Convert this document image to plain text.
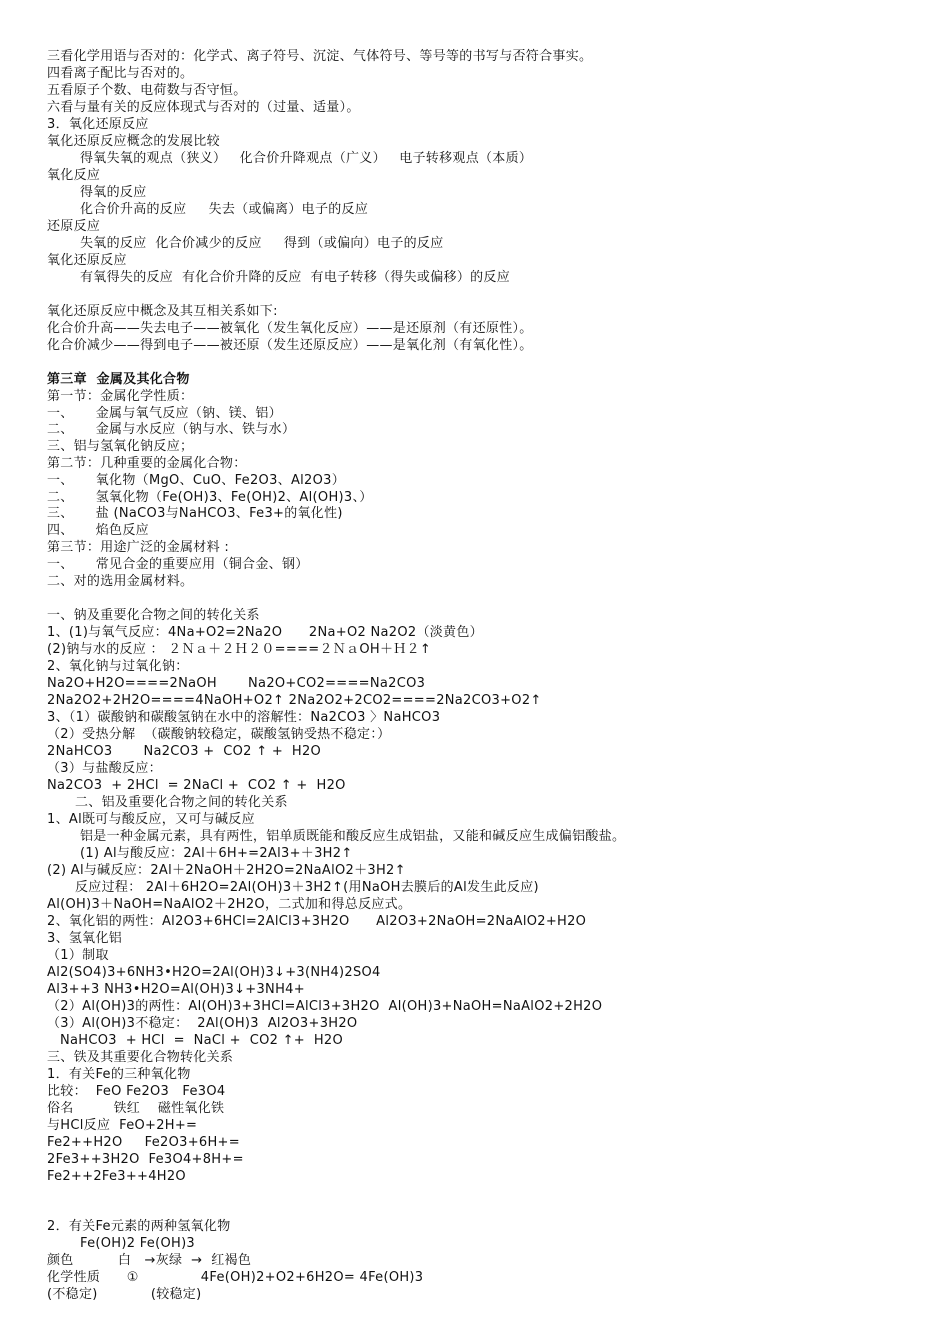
三看化学用语与否对的：化学式、离子符号、沉淀、气体符号、等号等的书写与否符合事实。
四看离子配比与否对的。
五看原子个数、电荷数与否守恒。
六看与量有关的反应体现式与否对的（过量、适量）。
3．氧化还原反应
氧化还原反应概念的发展比较
得氧失氧的观点（狭义）   化合价升降观点（广义）   电子转移观点（本质）
氧化反应
得氧的反应
化合价升高的反应     失去（或偏离）电子的反应
还原反应
失氧的反应  化合价减少的反应     得到（或偏向）电子的反应
氧化还原反应
有氧得失的反应  有化合价升降的反应  有电子转移（得失或偏移）的反应
氧化还原反应中概念及其互相关系如下:
化合价升高——失去电子——被氧化（发生氧化反应）——是还原剂（有还原性）。
化合价减少——得到电子——被还原（发生还原反应）——是氧化剂（有氧化性）。
第三章  金属及其化合物
第一节：金属化学性质：
一、     金属与氧气反应（钠、镁、铝）
二、     金属与水反应（钠与水、铁与水）
三、铝与氢氧化钠反应；
第二节：几种重要的金属化合物：
一、     氧化物（MgO、CuO、Fe2O3、Al2O3）
二、     氢氧化物（Fe(OH)3、Fe(OH)2、Al(OH)3、）
三、     盐 (NaCO3与NaHCO3、Fe3+的氧化性)
四、     焰色反应
第三节：用途广泛的金属材料 :
一、     常见合金的重要应用（铜合金、钢）
二、对的选用金属材料。
一、钠及重要化合物之间的转化关系
1、(1)与氧气反应：4Na+O2=2Na2O      2Na+O2 Na2O2（淡黄色）
(2)钠与水的反应 ： ２Ｎａ＋２Ｈ２０====２ＮａOH＋Ｈ２↑
2、氧化钠与过氧化钠：
Na2O+H2O====2NaOH       Na2O+CO2====Na2CO3
2Na2O2+2H2O====4NaOH+O2↑ 2Na2O2+2CO2====2Na2CO3+O2↑
3、（1）碳酸钠和碳酸氢钠在水中的溶解性：Na2CO3 〉NaHCO3
（2）受热分解  （碳酸钠较稳定，碳酸氢钠受热不稳定：）
2NaHCO3       Na2CO3 +  CO2 ↑ +  H2O
（3）与盐酸反应：
Na2CO3  + 2HCl  = 2NaCl +  CO2 ↑ +  H2O
二、铝及重要化合物之间的转化关系
1、Al既可与酸反应，又可与碱反应
铝是一种金属元素，具有两性，铝单质既能和酸反应生成铝盐，又能和碱反应生成偏铝酸盐。
(1) Al与酸反应：2Al＋6H+=2Al3+＋3H2↑
(2) Al与碱反应：2Al＋2NaOH＋2H2O=2NaAlO2＋3H2↑
反应过程： 2Al＋6H2O=2Al(OH)3＋3H2↑(用NaOH去膜后的Al发生此反应)
Al(OH)3＋NaOH=NaAlO2＋2H2O，二式加和得总反应式。
2、氧化铝的两性：Al2O3+6HCl=2AlCl3+3H2O      Al2O3+2NaOH=2NaAlO2+H2O
3、氢氧化铝
（1）制取
Al2(SO4)3+6NH3•H2O=2Al(OH)3↓+3(NH4)2SO4
Al3++3 NH3•H2O=Al(OH)3↓+3NH4+
（2）Al(OH)3的两性：Al(OH)3+3HCl=AlCl3+3H2O  Al(OH)3+NaOH=NaAlO2+2H2O
（3）Al(OH)3不稳定：  2Al(OH)3  Al2O3+3H2O
NaHCO3  + HCl  =  NaCl +  CO2 ↑+  H2O
三、铁及其重要化合物转化关系
1．有关Fe的三种氧化物
比较：  FeO Fe2O3   Fe3O4
俗名         铁红    磁性氧化铁
与HCl反应  FeO+2H+=
Fe2++H2O     Fe2O3+6H+=
2Fe3++3H2O  Fe3O4+8H+=
Fe2++2Fe3++4H2O
2．有关Fe元素的两种氢氧化物
Fe(OH)2 Fe(OH)3
颜色          白   →灰绿  →  红褐色
化学性质      ①              4Fe(OH)2+O2+6H2O= 4Fe(OH)3
(不稳定)            (较稳定)
